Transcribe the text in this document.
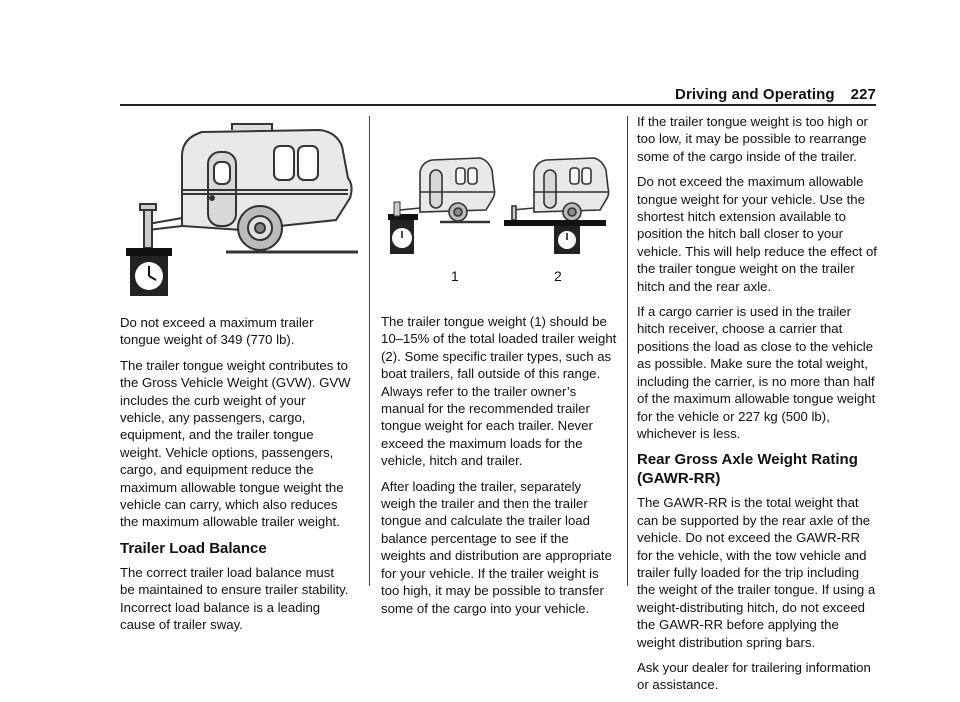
Driving and Operating 227

Do not exceed a maximum trailer tongue weight of 349 (770 lb).

The trailer tongue weight contributes to the Gross Vehicle Weight (GVW). GVW includes the curb weight of your vehicle, any passengers, cargo, equipment, and the trailer tongue weight. Vehicle options, passengers, cargo, and equipment reduce the maximum allowable tongue weight the vehicle can carry, which also reduces the maximum allowable trailer weight.

Trailer Load Balance

The correct trailer load balance must be maintained to ensure trailer stability. Incorrect load balance is a leading cause of trailer sway.

1	2

The trailer tongue weight (1) should be 10–15% of the total loaded trailer weight (2). Some specific trailer types, such as boat trailers, fall outside of this range. Always refer to the trailer owner’s manual for the recommended trailer tongue weight for each trailer. Never exceed the maximum loads for the vehicle, hitch and trailer.

After loading the trailer, separately weigh the trailer and then the trailer tongue and calculate the trailer load balance percentage to see if the weights and distribution are appropriate for your vehicle. If the trailer weight is too high, it may be possible to transfer some of the cargo into your vehicle.

If the trailer tongue weight is too high or too low, it may be possible to rearrange some of the cargo inside of the trailer.

Do not exceed the maximum allowable tongue weight for your vehicle. Use the shortest hitch extension available to position the hitch ball closer to your vehicle. This will help reduce the effect of the trailer tongue weight on the trailer hitch and the rear axle.

If a cargo carrier is used in the trailer hitch receiver, choose a carrier that positions the load as close to the vehicle as possible. Make sure the total weight, including the carrier, is no more than half of the maximum allowable tongue weight for the vehicle or 227 kg (500 lb), whichever is less.

Rear Gross Axle Weight Rating (GAWR-RR)

The GAWR-RR is the total weight that can be supported by the rear axle of the vehicle. Do not exceed the GAWR-RR for the vehicle, with the tow vehicle and trailer fully loaded for the trip including the weight of the trailer tongue. If using a weight-distributing hitch, do not exceed the GAWR-RR before applying the weight distribution spring bars.

Ask your dealer for trailering information or assistance.
